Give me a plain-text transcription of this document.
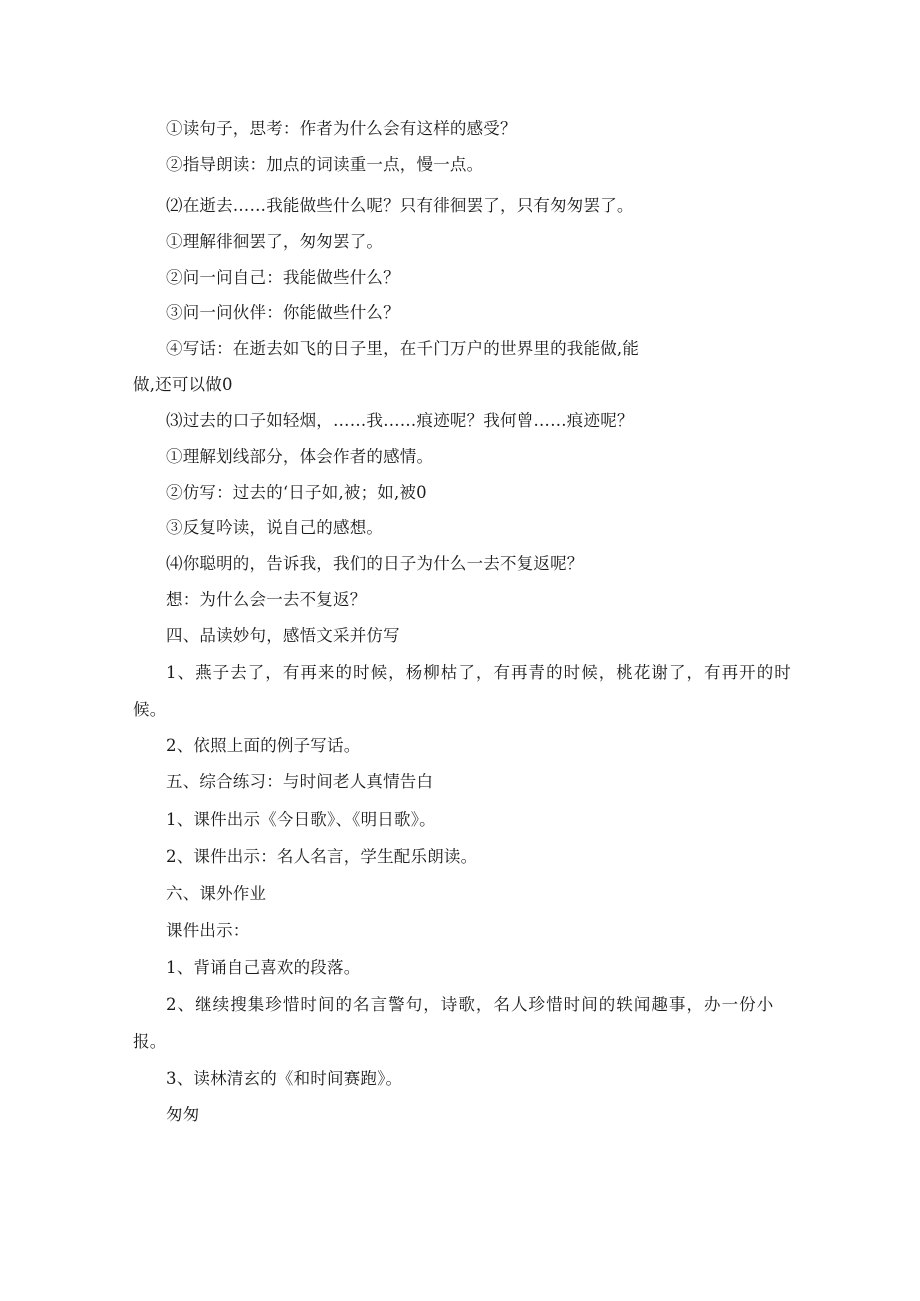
①读句子，思考：作者为什么会有这样的感受？
②指导朗读：加点的词读重一点，慢一点。
⑵在逝去……我能做些什么呢？只有徘徊罢了，只有匆匆罢了。
①理解徘徊罢了，匆匆罢了。
②问一问自己：我能做些什么？
③问一问伙伴：你能做些什么？
④写话：在逝去如飞的日子里，在千门万户的世界里的我能做,能
做,还可以做0
⑶过去的口子如轻烟，……我……痕迹呢？我何曾……痕迹呢？
①理解划线部分，体会作者的感情。
②仿写：过去的‘日子如,被；如,被0
③反复吟读，说自己的感想。
⑷你聪明的，告诉我，我们的日子为什么一去不复返呢？
想：为什么会一去不复返？
四、品读妙句，感悟文采并仿写
1、燕子去了，有再来的时候，杨柳枯了，有再青的时候，桃花谢了，有再开的时
候。
2、依照上面的例子写话。
五、综合练习：与时间老人真情告白
1、课件出示《今日歌》、《明日歌》。
2、课件出示：名人名言，学生配乐朗读。
六、课外作业
课件出示：
1、背诵自己喜欢的段落。
2、继续搜集珍惜时间的名言警句，诗歌，名人珍惜时间的轶闻趣事，办一份小
报。
3、读林清玄的《和时间赛跑》。
匆匆
